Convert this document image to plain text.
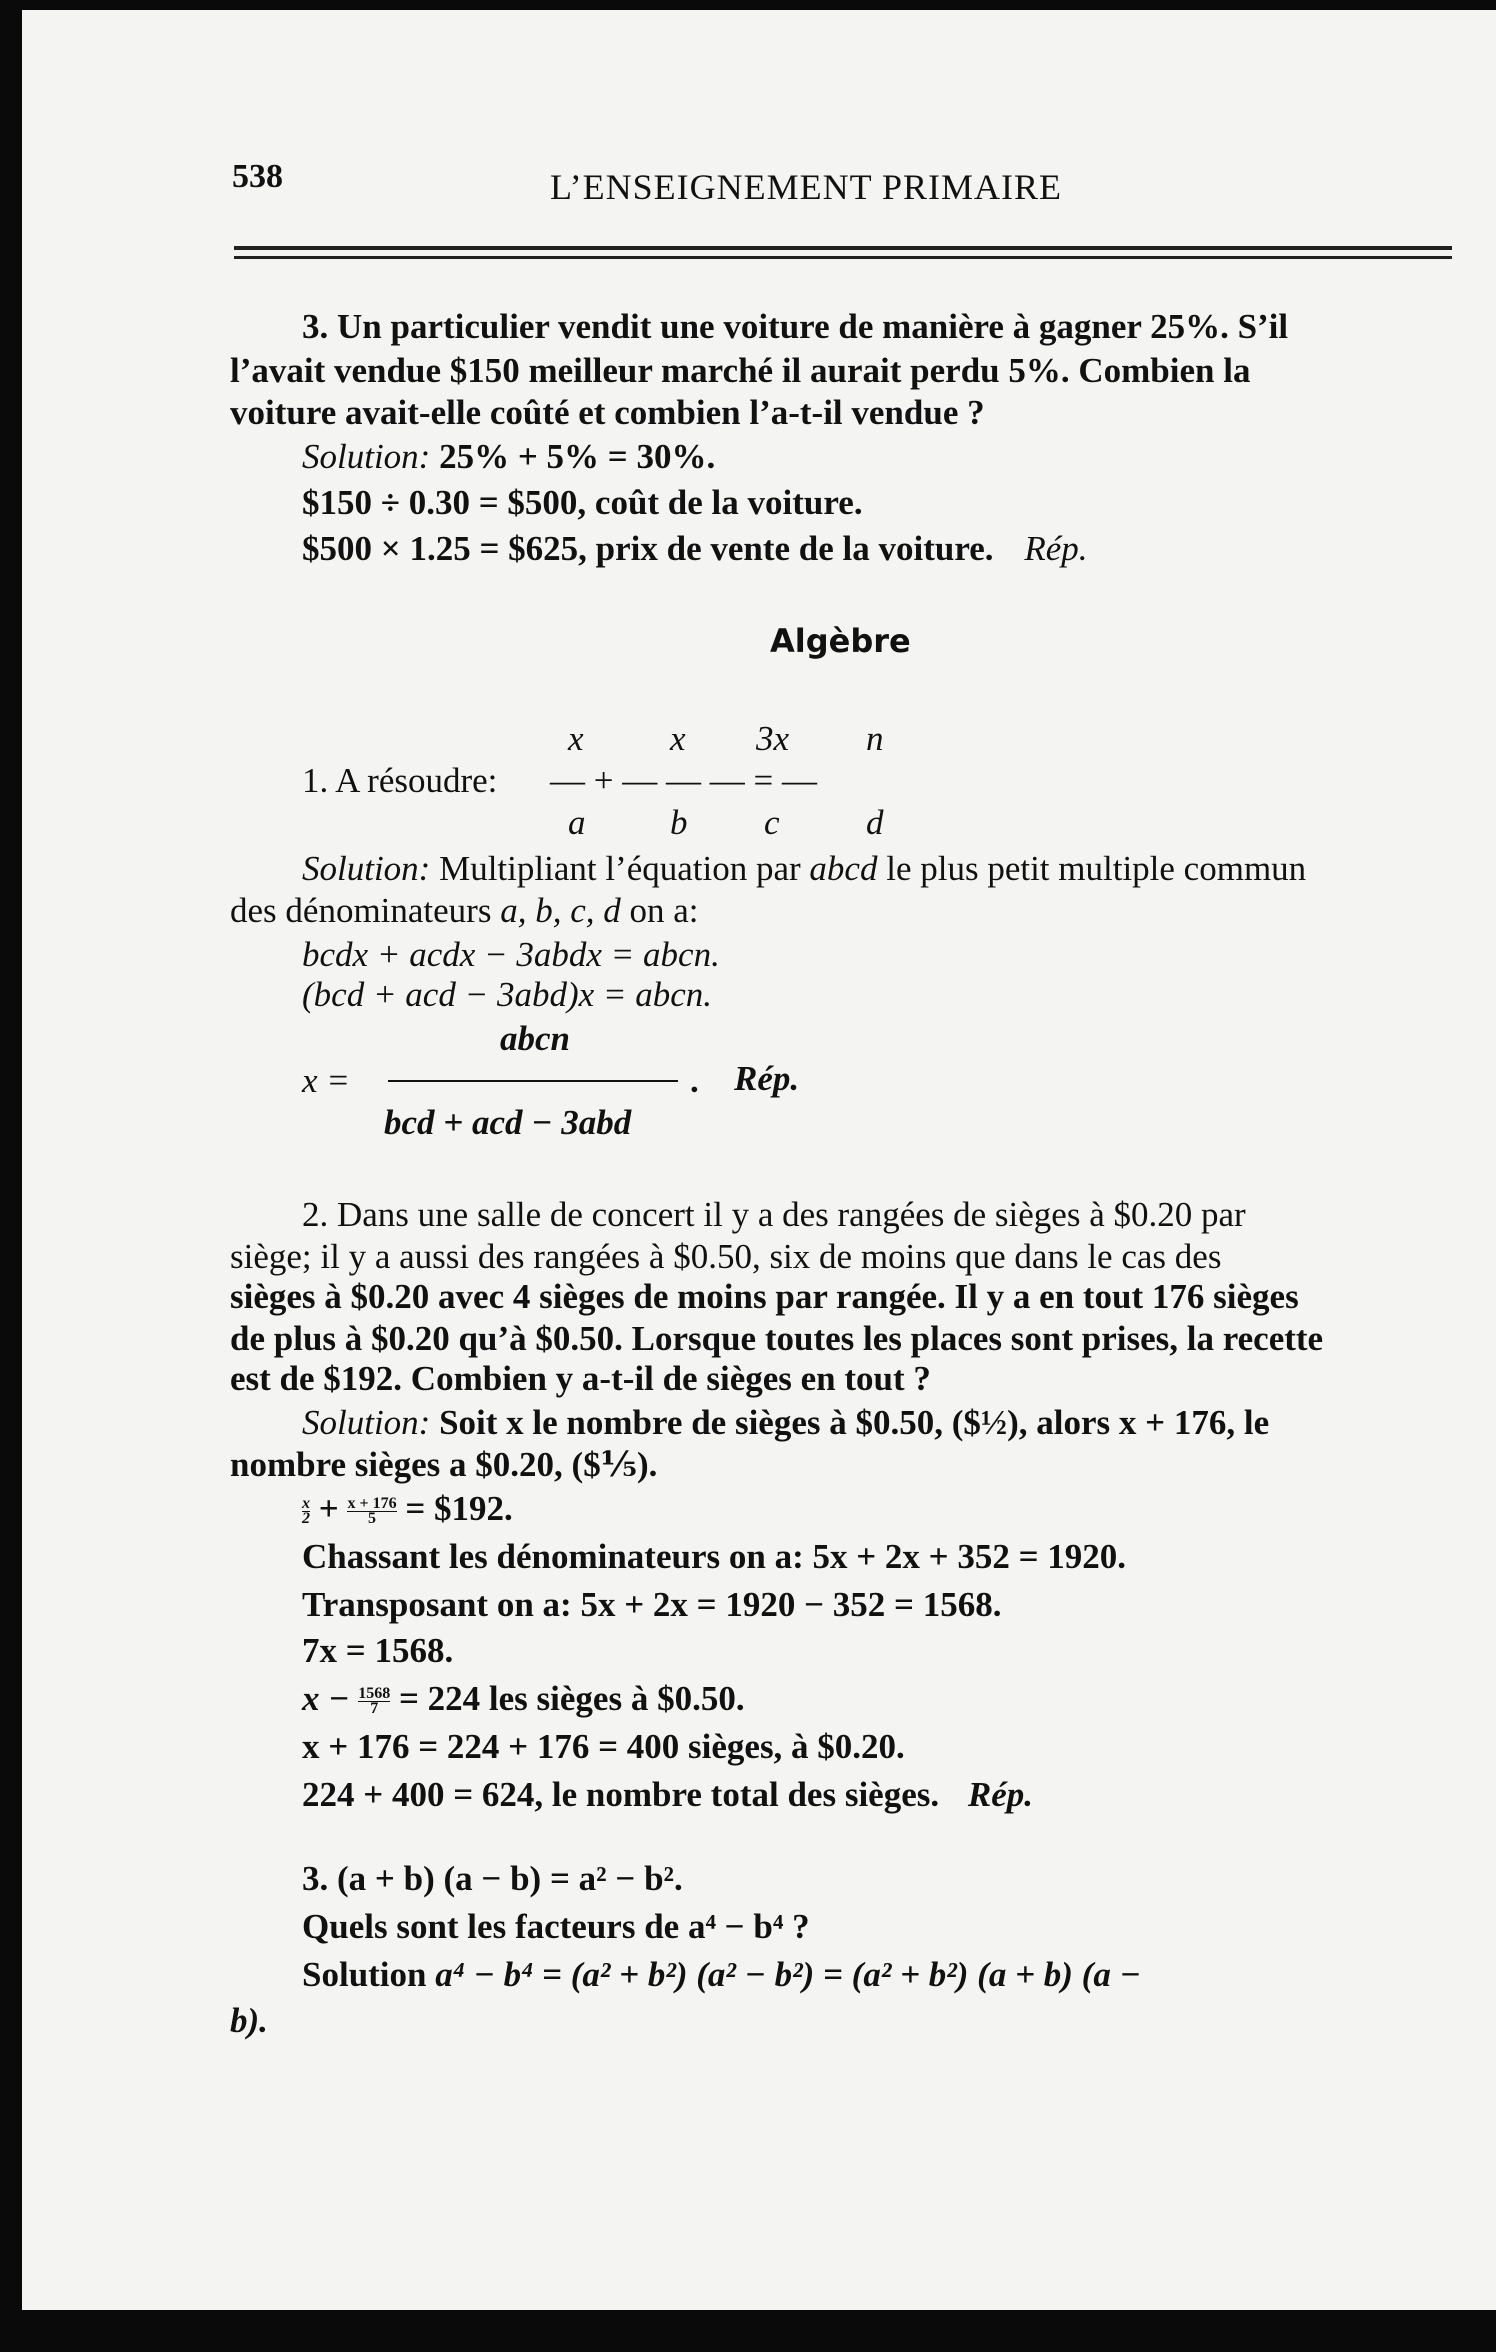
538	L’ENSEIGNEMENT PRIMAIRE
3. Un particulier vendit une voiture de manière à gagner 25%. S’il
l’avait vendue $150 meilleur marché il aurait perdu 5%. Combien la
voiture avait-elle coûté et combien l’a-t-il vendue ?
Solution: 25% + 5% = 30%.
$150 ÷ 0.30 = $500, coût de la voiture.
$500 × 1.25 = $625, prix de vente de la voiture. Rép.
Algèbre
x x 3x n
1. A résoudre: — + — — — = —
a b c d
Solution: Multipliant l’équation par abcd le plus petit multiple commun
des dénominateurs a, b, c, d on a:
bcdx + acdx − 3abdx = abcn.
(bcd + acd − 3abd)x = abcn.
abcn
x =	. Rép.
bcd + acd − 3abd
2. Dans une salle de concert il y a des rangées de sièges à $0.20 par
siège; il y a aussi des rangées à $0.50, six de moins que dans le cas des
sièges à $0.20 avec 4 sièges de moins par rangée. Il y a en tout 176 sièges
de plus à $0.20 qu’à $0.50. Lorsque toutes les places sont prises, la recette
est de $192. Combien y a-t-il de sièges en tout ?
Solution: Soit x le nombre de sièges à $0.50, ($½), alors x + 176, le
nombre sièges a $0.20, ($⅕).
$\frac{x}{2} + \frac{x + 176}{5}$ = $192.
Chassant les dénominateurs on a: 5x + 2x + 352 = 1920.
Transposant on a: 5x + 2x = 1920 − 352 = 1568.
7x = 1568.
$x - \frac{1568}{7} = 224$ les sièges à $0.50.
x + 176 = 224 + 176 = 400 sièges, à $0.20.
224 + 400 = 624, le nombre total des sièges. Rép.
3. (a + b) (a − b) = a² − b².
Quels sont les facteurs de a⁴ − b⁴ ?
Solution a⁴ − b⁴ = (a² + b²) (a² − b²) = (a² + b²) (a + b) (a −
b).
